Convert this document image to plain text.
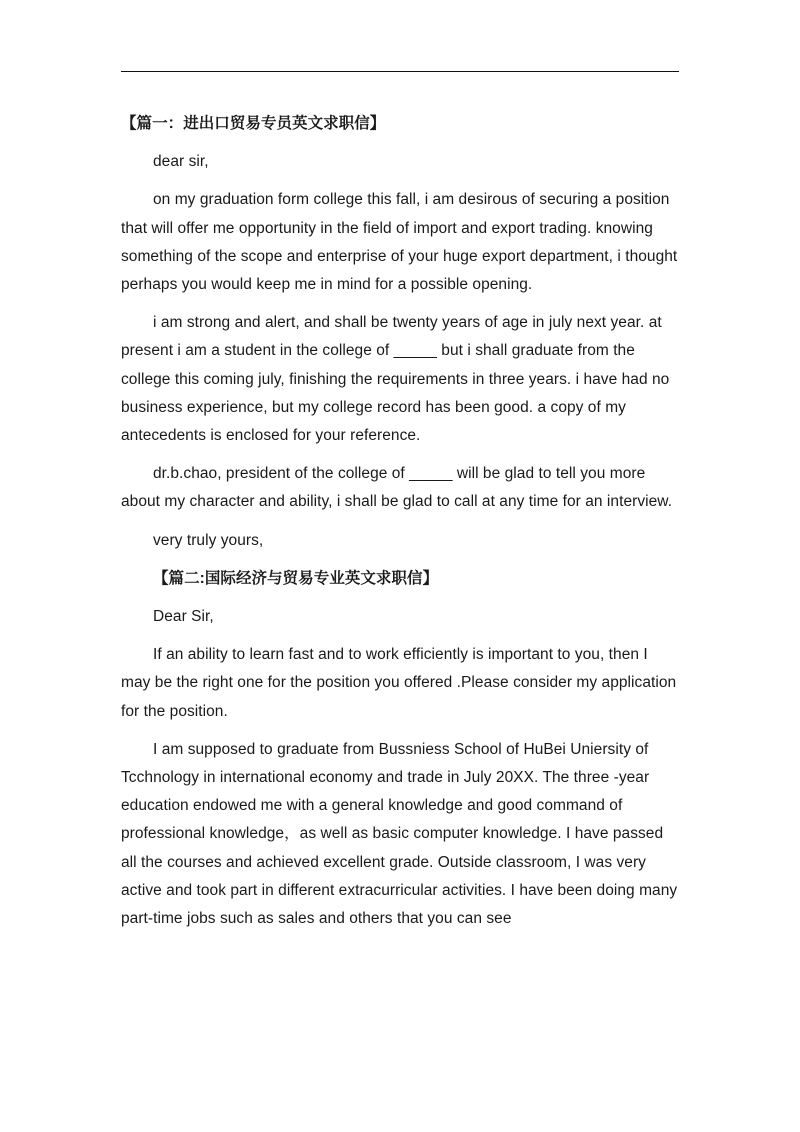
【篇一：进出口贸易专员英文求职信】
dear sir,
on my graduation form college this fall, i am desirous of securing a position that will offer me opportunity in the field of import and export trading. knowing something of the scope and enterprise of your huge export department, i thought perhaps you would keep me in mind for a possible opening.
i am strong and alert, and shall be twenty years of age in july next year. at present i am a student in the college of _____ but i shall graduate from the college this coming july, finishing the requirements in three years. i have had no business experience, but my college record has been good. a copy of my antecedents is enclosed for your reference.
dr.b.chao, president of the college of _____ will be glad to tell you more about my character and ability, i shall be glad to call at any time for an interview.
very truly yours,
【篇二:国际经济与贸易专业英文求职信】
Dear Sir,
If an ability to learn fast and to work efficiently is important to you, then I may be the right one for the position you offered .Please consider my application for the position.
I am supposed to graduate from Bussniess School of HuBei Uniersity of Tcchnology in international economy and trade in July 20XX. The three -year education endowed me with a general knowledge and good command of professional knowledge，as well as basic computer knowledge. I have passed all the courses and achieved excellent grade. Outside classroom, I was very active and took part in different extracurricular activities. I have been doing many part-time jobs such as sales and others that you can see
